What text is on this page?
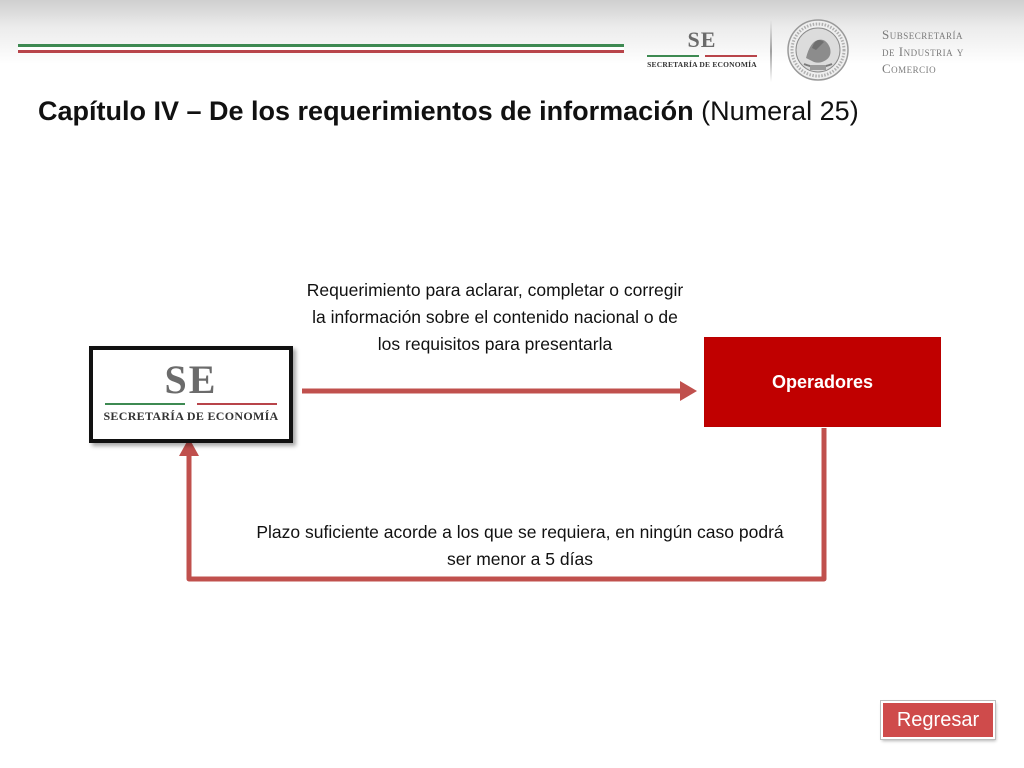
SE
SECRETARÍA DE ECONOMÍA
Subsecretaría
de Industria y
Comercio
Capítulo IV – De los requerimientos de información (Numeral 25)
SE
SECRETARÍA DE ECONOMÍA
Operadores
Requerimiento para aclarar, completar o corregir la información sobre el contenido nacional o de los requisitos para presentarla
Plazo suficiente acorde a los que se requiera, en ningún caso podrá ser menor a 5 días
Regresar
